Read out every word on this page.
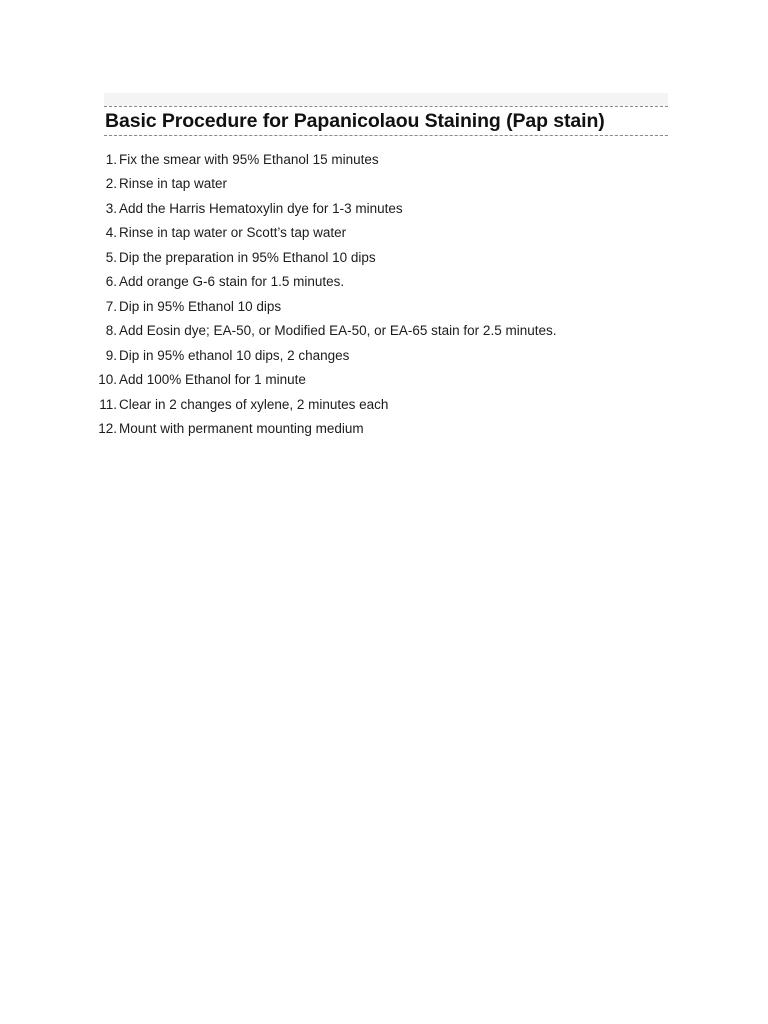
Basic Procedure for Papanicolaou Staining (Pap stain)
1. Fix the smear with 95% Ethanol 15 minutes
2. Rinse in tap water
3. Add the Harris Hematoxylin dye for 1-3 minutes
4. Rinse in tap water or Scott’s tap water
5. Dip the preparation in 95% Ethanol 10 dips
6. Add orange G-6 stain for 1.5 minutes.
7. Dip in 95% Ethanol 10 dips
8. Add Eosin dye; EA-50, or Modified EA-50, or EA-65 stain for 2.5 minutes.
9. Dip in 95% ethanol 10 dips, 2 changes
10. Add 100% Ethanol for 1 minute
11. Clear in 2 changes of xylene, 2 minutes each
12. Mount with permanent mounting medium
